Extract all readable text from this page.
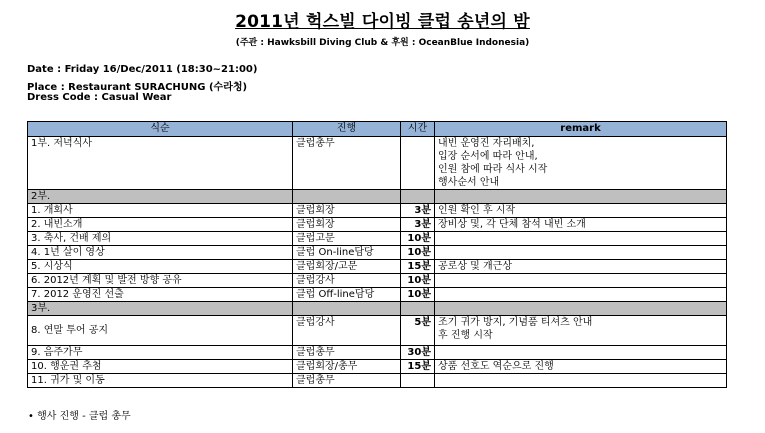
2011년 헉스빌 다이빙 클럽 송년의 밤
(주관 : Hawksbill Diving Club & 후원 : OceanBlue Indonesia)
Date : Friday 16/Dec/2011 (18:30~21:00)
Place : Restaurant SURACHUNG (수라청)
Dress Code : Casual Wear
식순	진행	시간	remark
1부. 저녁식사	클럽총무		내빈 운영진 자리배치,
입장 순서에 따라 안내,
인원 참에 따라 식사 시작
행사순서 안내

2부.			
1. 개회사	클럽회장	3분	인원 확인 후 시작
2. 내빈소개	클럽회장	3분	장비상 및, 각 단체 참석 내빈 소개
3. 축사, 건배 제의	클럽고문	10분	
4. 1년 살이 영상	클럽 On-line담당	10분	
5. 시상식	클럽회장/고문	15분	공로상 및 개근상
6. 2012년 계획 및 발전 방향 공유	클럽강사	10분	
7. 2012 운영진 선출	클럽 Off-line담당	10분	
3부.			
8. 연말 투어 공지	클럽강사	5분	조기 귀가 방지, 기념품 티셔츠 안내
후 진행 시작

9. 음주가무	클럽총무	30분	
10. 행운권 추첨	클럽회장/총무	15분	상품 선호도 역순으로 진행
11. 귀가 및 이동	클럽총무		
• 행사 진행 - 클럽 총무
